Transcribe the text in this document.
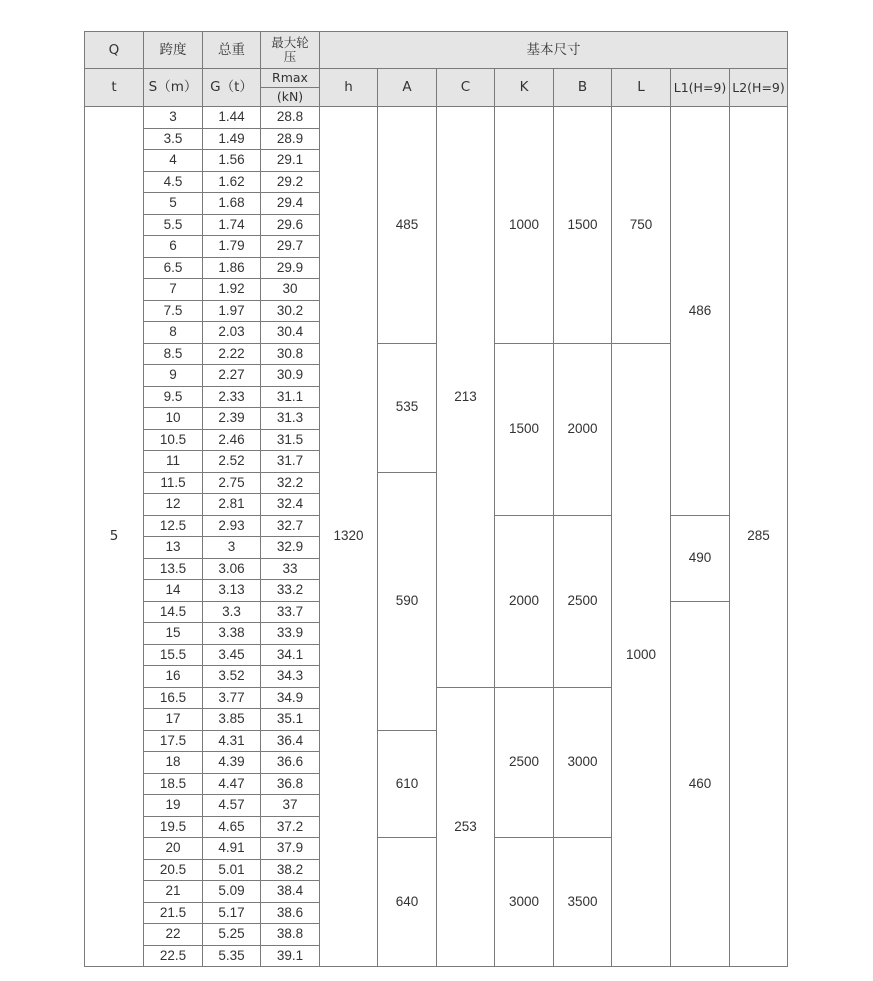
Q	跨度	总重	最大轮压	基本尺寸							
t	S（m）	G（t）	Rmax	h	A	C	K	B	L	L1(H=9)	L2(H=9)
			(kN)								
5	3	1.44	28.8	1320	485	213	1000	1500	750	486	285
	3.5	1.49	28.9								
	4	1.56	29.1								
	4.5	1.62	29.2								
	5	1.68	29.4								
	5.5	1.74	29.6								
	6	1.79	29.7								
	6.5	1.86	29.9								
	7	1.92	30								
	7.5	1.97	30.2								
	8	2.03	30.4								
	8.5	2.22	30.8		535		1500	2000	1000		
	9	2.27	30.9								
	9.5	2.33	31.1								
	10	2.39	31.3								
	10.5	2.46	31.5								
	11	2.52	31.7								
	11.5	2.75	32.2		590						
	12	2.81	32.4								
	12.5	2.93	32.7				2000	2500		490	
	13	3	32.9								
	13.5	3.06	33								
	14	3.13	33.2								
	14.5	3.3	33.7							460	
	15	3.38	33.9								
	15.5	3.45	34.1								
	16	3.52	34.3								
	16.5	3.77	34.9			253	2500	3000			
	17	3.85	35.1								
	17.5	4.31	36.4		610						
	18	4.39	36.6								
	18.5	4.47	36.8								
	19	4.57	37								
	19.5	4.65	37.2								
	20	4.91	37.9		640		3000	3500			
	20.5	5.01	38.2								
	21	5.09	38.4								
	21.5	5.17	38.6								
	22	5.25	38.8								
	22.5	5.35	39.1								
